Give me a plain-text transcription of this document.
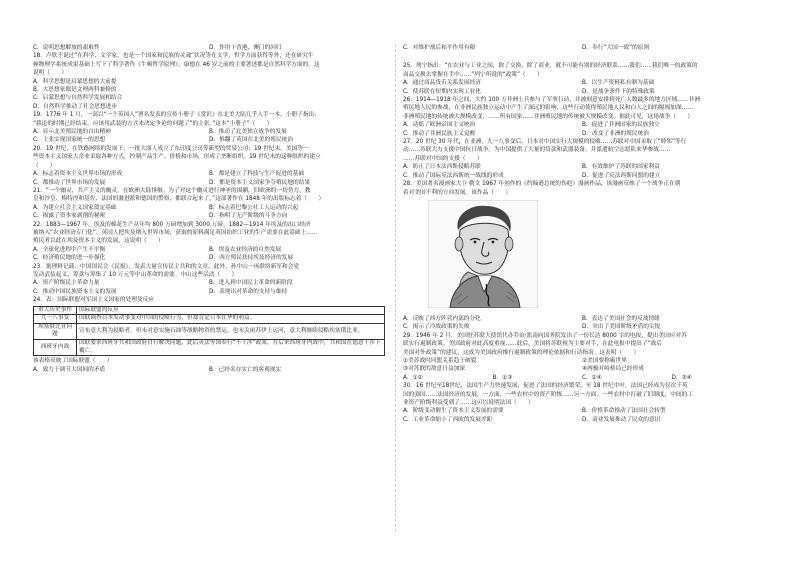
C．说明思想解放的艰难性	D．作用于香港、澳门的回归
18．卢欣不说过“在科学、文学家，也是一个国家和民族的灵魂”状况等在文学，哲学方面获得等外，还在研究牛
顿物理学系统成果基础上写下了科学著作《牛顿哲学原理》。康德在 46 岁之前的主要著述都是自然科学方面的。这
说明（　　）
A．科学思想是启蒙思想的大前提
B．大思想家都是文理两科兼修的
C．启蒙思想与自然科学发展相结合
D．自然科学推动了社会思想进步
19．1776 年 1 月，一部以“一个英国人”署名发表的宣传小册子《常识》在北美大陆几乎人手一本，小册子指出：
“我论的时期已经结束，应该用武装的方式来决定争论的问题了”的主张。”这本“小册子”（　　）
A．显示北美殖民地的自由精神	B．推动了北美独立战争的发展
C．主张实现国家统一的思想	D．推翻了英国在北美的殖民统治
20．19 世纪，在铁路网络的发展下，一批大商人成立了东印度公司等新型的贸易公司；19 世纪末，美国等一
些资本主义国家大企业采取各种方式，控制产品生产、价格和市场，形成了垄断组织。19 世纪末的这种组织的建立
（　　）
A．标志着资本主义世界市场的形成	B．都是建立了科技与生产促进的基础
C．都推动了世界市场的发展	D．都是资本主义国家争夺殖民地的结果
21．“一个幽灵，共产主义的幽灵，在欧洲大陆徘徊。为了对这个幽灵进行神圣的围剿，旧欧洲的一切势力，教
皇和沙皇、梅特涅和基佐、法国的激进派和德国的警察，都联合起来了。”这部著作在 1848 年的出版标志着（　　）
A．为建立社会主义国家奠定基础	B．标志着巴黎公社工人运动的兴起
C．揭露了资本家剥削的秘密	D．指明了无产阶级的斗争方向
22．1883—1967 年，埃及的棉花生产从年均 800 万磅增加到 3000 万磅。1882—1914 年埃及的出口经济
被纳入“农业经济专门化”。英国人把埃及纳入世界市场，获取的原料满足英国纺织工业的生产需要在此基础上……
殖民者以此在埃及资本主义的发展，这说明（　　）
A．全球化进程中产生不平衡	B．埃及农业经济的自然发展
C．经济殖民地的进一步强化	D．西方殖民扶持埃及经济的发展
23．据理料记载：中国国民会《民报》，发表大量宣传民主共和的文章，此外，孙中山一再联络新军和会党
发动武装起义，筹款与筹集了 10 万元等中山革命的需要。中山这些活动（　　）
A．资产阶级民主革命力量	B．进入到中国民主革命的新阶段
C．推动中国民族资本主义的发展	D．表现出对革命的支持与维持
24．表：国际联盟对军国主义国家的处理及反应
重大历史事件	国际联盟的反应
九一八事变	国联调查日本发动事变对中国的侵略行为，但却肯定日本在华的利益。
埃塞俄比亚问题	宣布意大利为侵略者，但未对意实施石油等战略物资的禁运，也未关闭苏伊士运河，意大利继续侵略埃塞俄比亚。
西班牙内战	国联要求西班牙共和国政府自行解决问题，此后英法等国奉行“不干涉”政策。在后来西班牙内战中，共和国在德意干涉下覆亡。
该表格反映了国际联盟（　　）
A．致力于调节大国间的矛盾	B．已经名存实亡的客观现实
C．对维护战后和平作用有限	D．奉行“大国一致”的原则
25．列宁指出：“在农业与工业之间，除了交换，除了商业，就不可能有别的经济联系……我们……我们唯一的政策的
商品交换去掌握在手中……”列宁所说的“政策”（　　）
A．通过商品货币关系发展经济	B．以生产资料私有制为基础
C．使苏联在短期内实现工业化	D．是战争条件下的特殊政策
26．1914—1918 年之间，大约 100 万非洲士兵参与了军事行动，并被刻意安排到死亡人数最多的地方区域……非洲
殖民地人民的参战，在非洲民族独立运动中产生了深远的影响，这些行动使得殖民地人民和白人之间的隔阂加深……
非洲殖民地的传统被大规模改变，……所有国家……非洲殖民地的传统被大规模改变。据此可见，这场战争（　　）
A．动摇了欧洲帝国主义统治	B．促进了非洲国家的民族独立
C．推动了非洲民族主义觉醒	D．改变了非洲的殖民统治
27．20 世纪 30 年代，在亚洲，九一八事变后，日本对中国实行大规模的侵略……苏联对中国采取了“睦邻”等行
动……苏联大力支援中国抗日战争，为中国提供了大量的贷款和武器装备，并派遣航空志愿队来华参战……
……苏联对中国的支援（　　）
A．防止了日本法西斯侵略苏联	B．有效维护了苏联的国家利益
C．推动了国际反法西斯统一战线的形成	D．促进了反法西斯同盟的建立
28．美国著名漫画家大卫·勒文 1967 年创作的《约翰逊总统的伤疤》漫画作品，该漫画反映了一个战争正在朝
着对美国不利的方向发展。该作品（　　）
A．反映了西方阵营内部的分化	B．表达了美国社会的反战情绪
C．揭示了冷战政策的失败	D．突出了美国阶级矛盾的尖锐
29．1946 年 2 月，美国驻苏联大使馆代办乔治·凯南向国务院发出了一份长达 8000 字的电报，提出美国应对苏
联实行遏制政策。美国政府对此高度重视……此后，美国将苏联视为主要对手，在此电报中提出了“战后
美国对外政策”的建议，这成为美国政府推行遏制政策的理论依据和行动指南。这表明（　　）
①美苏战时同盟关系趋于破裂	②美国要称霸世界
③对苏联的敌意日益加深	④两极对峙格局已经形成
A．①②	B．①③	C．②④	D．③④
30．16 世纪至18世纪，法国生产力快速发展，促进了法国的经济繁荣，至 18 世纪中叶，法国已经成为仅次于英
国的强国……法国经济的发展，一方面，一些农村中的资产阶级……另一方面，一些农村中打破了旧制度，中间的工
业资产阶级利益受到了……这可以说明法国（　　）
A．阶级变动催生了资本主义发展的需要	B．价格革命推动了法国社会转型
C．工业革命缩小了西欧的发展差距	D．商业发展推动了民众的意识
